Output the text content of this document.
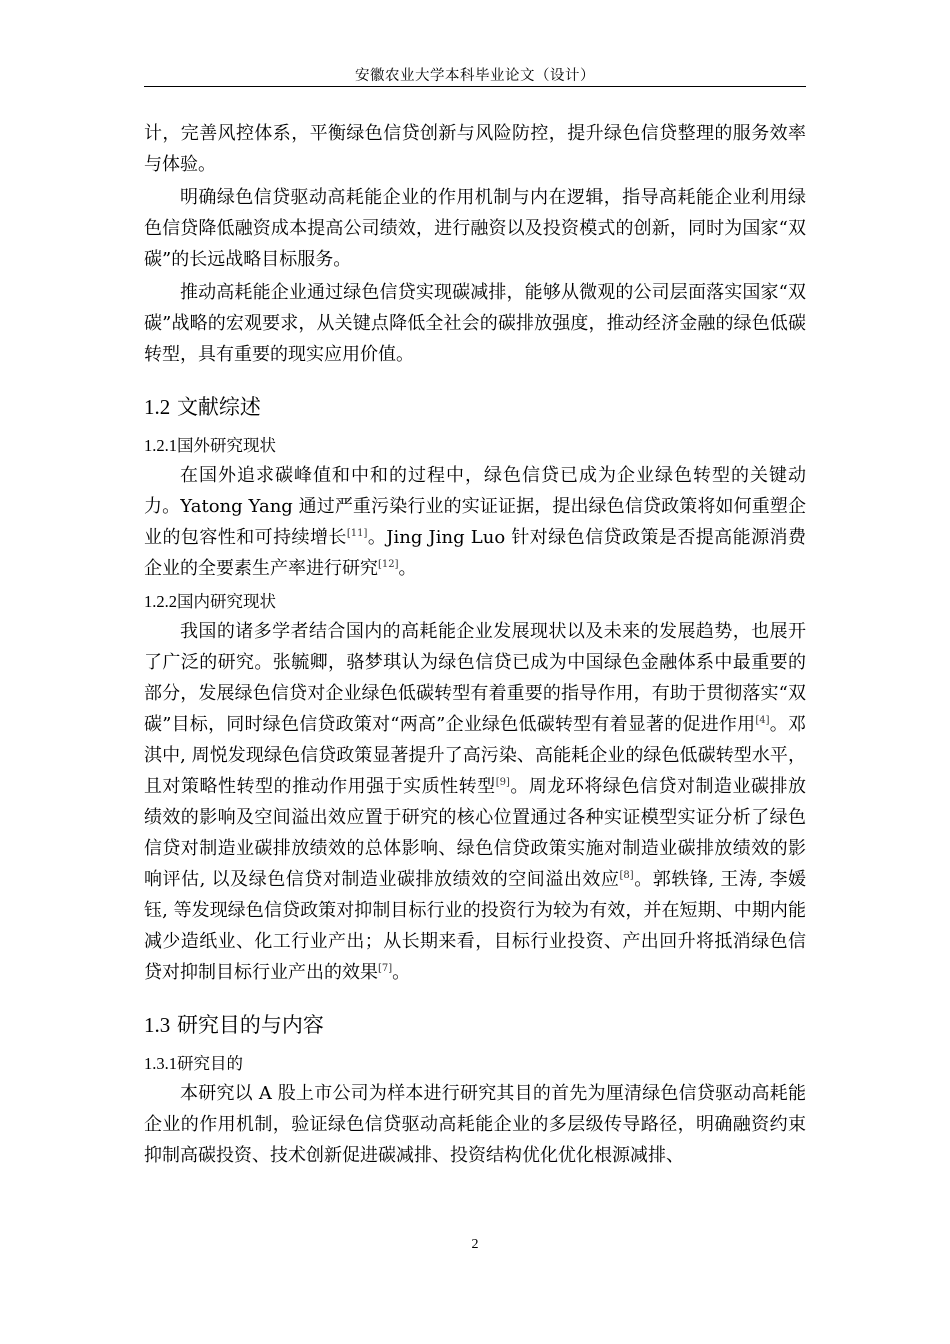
安徽农业大学本科毕业论文（设计）

计，完善风控体系，平衡绿色信贷创新与风险防控，提升绿色信贷整理的服务效率与体验。

明确绿色信贷驱动高耗能企业的作用机制与内在逻辑，指导高耗能企业利用绿色信贷降低融资成本提高公司绩效，进行融资以及投资模式的创新，同时为国家“双碳”的长远战略目标服务。

推动高耗能企业通过绿色信贷实现碳减排，能够从微观的公司层面落实国家“双碳”战略的宏观要求，从关键点降低全社会的碳排放强度，推动经济金融的绿色低碳转型，具有重要的现实应用价值。

1.2 文献综述
1.2.1国外研究现状

在国外追求碳峰值和中和的过程中，绿色信贷已成为企业绿色转型的关键动力。Yatong Yang 通过严重污染行业的实证证据，提出绿色信贷政策将如何重塑企业的包容性和可持续增长[11]。Jing Jing Luo 针对绿色信贷政策是否提高能源消费企业的全要素生产率进行研究[12]。

1.2.2国内研究现状

我国的诸多学者结合国内的高耗能企业发展现状以及未来的发展趋势，也展开了广泛的研究。张毓卿，骆梦琪认为绿色信贷已成为中国绿色金融体系中最重要的部分，发展绿色信贷对企业绿色低碳转型有着重要的指导作用，有助于贯彻落实“双碳”目标，同时绿色信贷政策对“两高”企业绿色低碳转型有着显著的促进作用[4]。邓淇中, 周悦发现绿色信贷政策显著提升了高污染、高能耗企业的绿色低碳转型水平，且对策略性转型的推动作用强于实质性转型[9]。周龙环将绿色信贷对制造业碳排放绩效的影响及空间溢出效应置于研究的核心位置通过各种实证模型实证分析了绿色信贷对制造业碳排放绩效的总体影响、绿色信贷政策实施对制造业碳排放绩效的影响评估, 以及绿色信贷对制造业碳排放绩效的空间溢出效应[8]。郭轶锋, 王涛, 李媛钰, 等发现绿色信贷政策对抑制目标行业的投资行为较为有效，并在短期、中期内能减少造纸业、化工行业产出；从长期来看，目标行业投资、产出回升将抵消绿色信贷对抑制目标行业产出的效果[7]。

1.3 研究目的与内容
1.3.1研究目的

本研究以 A 股上市公司为样本进行研究其目的首先为厘清绿色信贷驱动高耗能企业的作用机制，验证绿色信贷驱动高耗能企业的多层级传导路径，明确融资约束抑制高碳投资、技术创新促进碳减排、投资结构优化优化根源减排、

2
